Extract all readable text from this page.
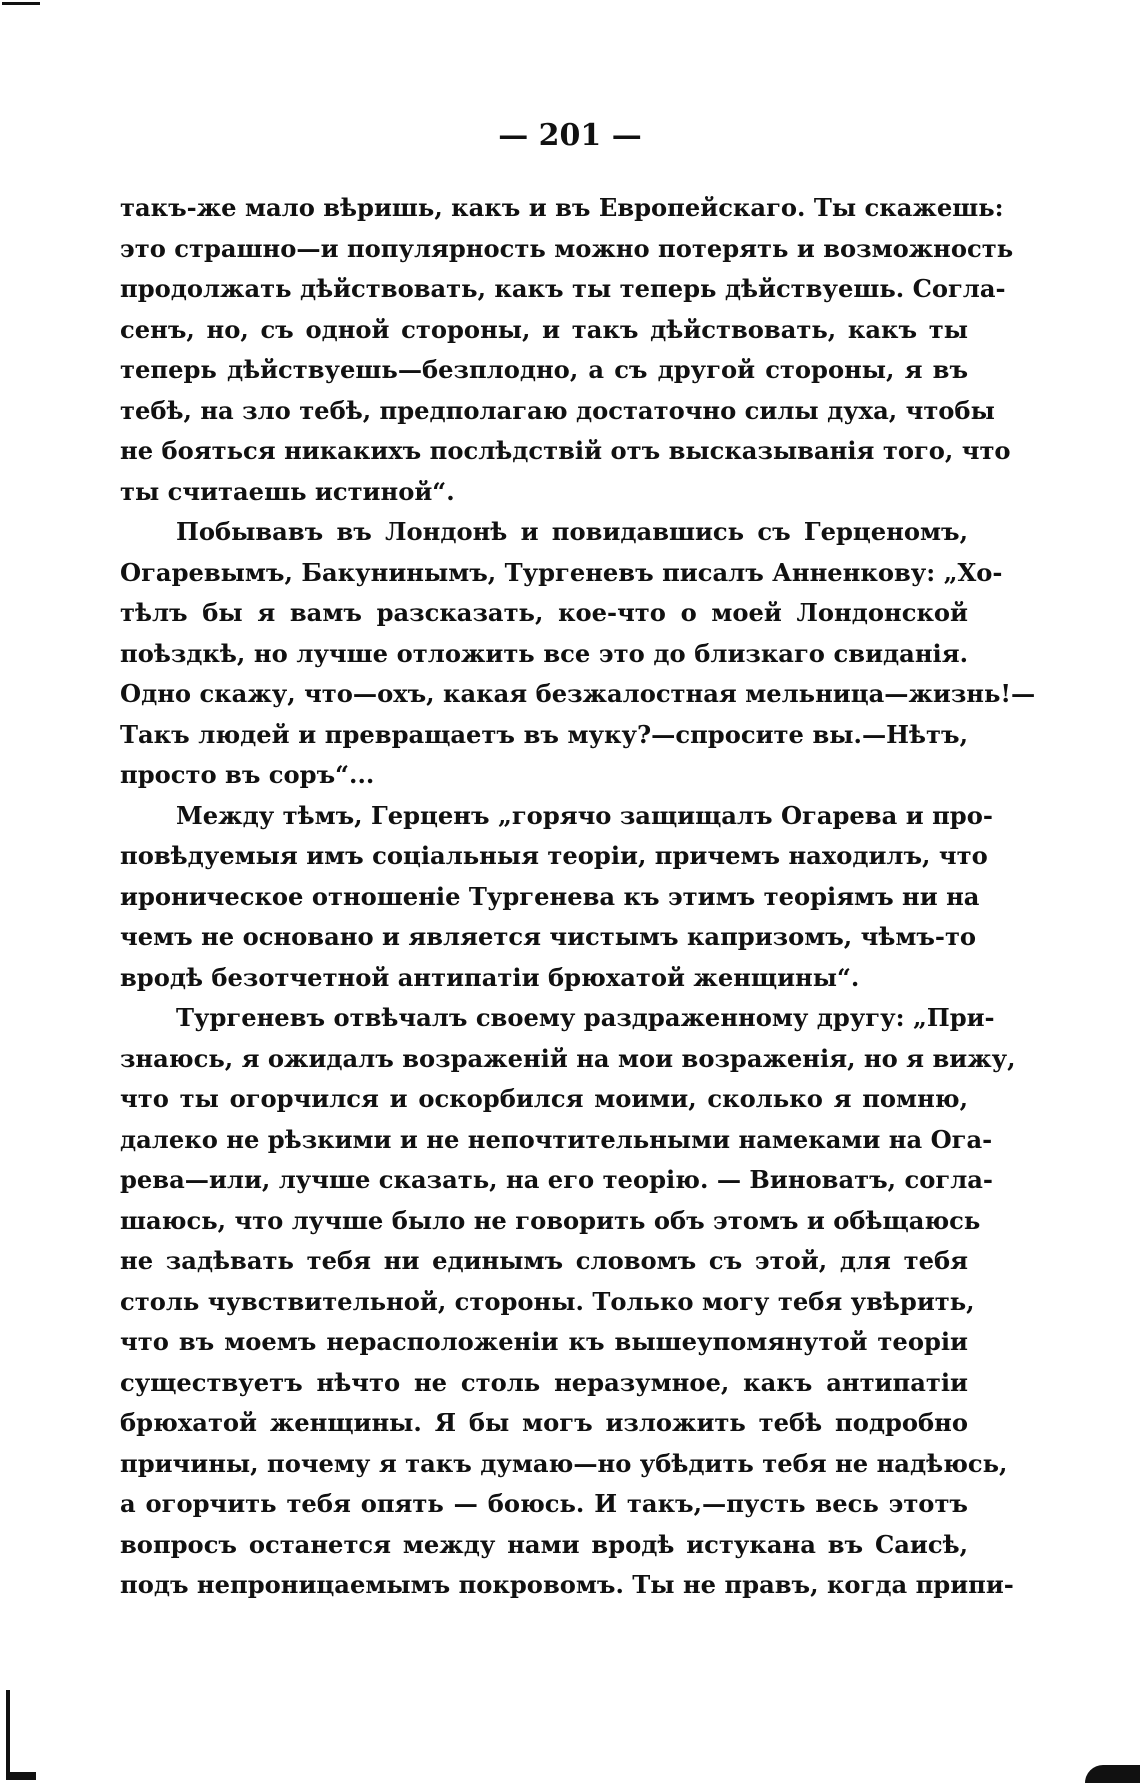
— 201 —
такъ-же мало вѣришь, какъ и въ Европейскаго. Ты скажешь:
это страшно—и популярность можно потерять и возможность
продолжать дѣйствовать, какъ ты теперь дѣйствуешь. Согла-
сенъ, но, съ одной стороны, и такъ дѣйствовать, какъ ты
теперь дѣйствуешь—безплодно, а съ другой стороны, я въ
тебѣ, на зло тебѣ, предполагаю достаточно силы духа, чтобы
не бояться никакихъ послѣдствій отъ высказыванія того, что
ты считаешь истиной“.
Побывавъ въ Лондонѣ и повидавшись съ Герценомъ,
Огаревымъ, Бакунинымъ, Тургеневъ писалъ Анненкову: „Хо-
тѣлъ бы я вамъ разсказать, кое-что о моей Лондонской
поѣздкѣ, но лучше отложить все это до близкаго свиданія.
Одно скажу, что—охъ, какая безжалостная мельница—жизнь!—
Такъ людей и превращаетъ въ муку?—спросите вы.—Нѣтъ,
просто въ соръ“...
Между тѣмъ, Герценъ „горячо защищалъ Огарева и про-
повѣдуемыя имъ соціальныя теоріи, причемъ находилъ, что
ироническое отношеніе Тургенева къ этимъ теоріямъ ни на
чемъ не основано и является чистымъ капризомъ, чѣмъ-то
вродѣ безотчетной антипатіи брюхатой женщины“.
Тургеневъ отвѣчалъ своему раздраженному другу: „При-
знаюсь, я ожидалъ возраженій на мои возраженія, но я вижу,
что ты огорчился и оскорбился моими, сколько я помню,
далеко не рѣзкими и не непочтительными намеками на Ога-
рева—или, лучше сказать, на его теорію. — Виноватъ, согла-
шаюсь, что лучше было не говорить объ этомъ и обѣщаюсь
не задѣвать тебя ни единымъ словомъ съ этой, для тебя
столь чувствительной, стороны. Только могу тебя увѣрить,
что въ моемъ нерасположеніи къ вышеупомянутой теоріи
существуетъ нѣчто не столь неразумное, какъ антипатіи
брюхатой женщины. Я бы могъ изложить тебѣ подробно
причины, почему я такъ думаю—но убѣдить тебя не надѣюсь,
а огорчить тебя опять — боюсь. И такъ,—пусть весь этотъ
вопросъ останется между нами вродѣ истукана въ Саисѣ,
подъ непроницаемымъ покровомъ. Ты не правъ, когда припи-
